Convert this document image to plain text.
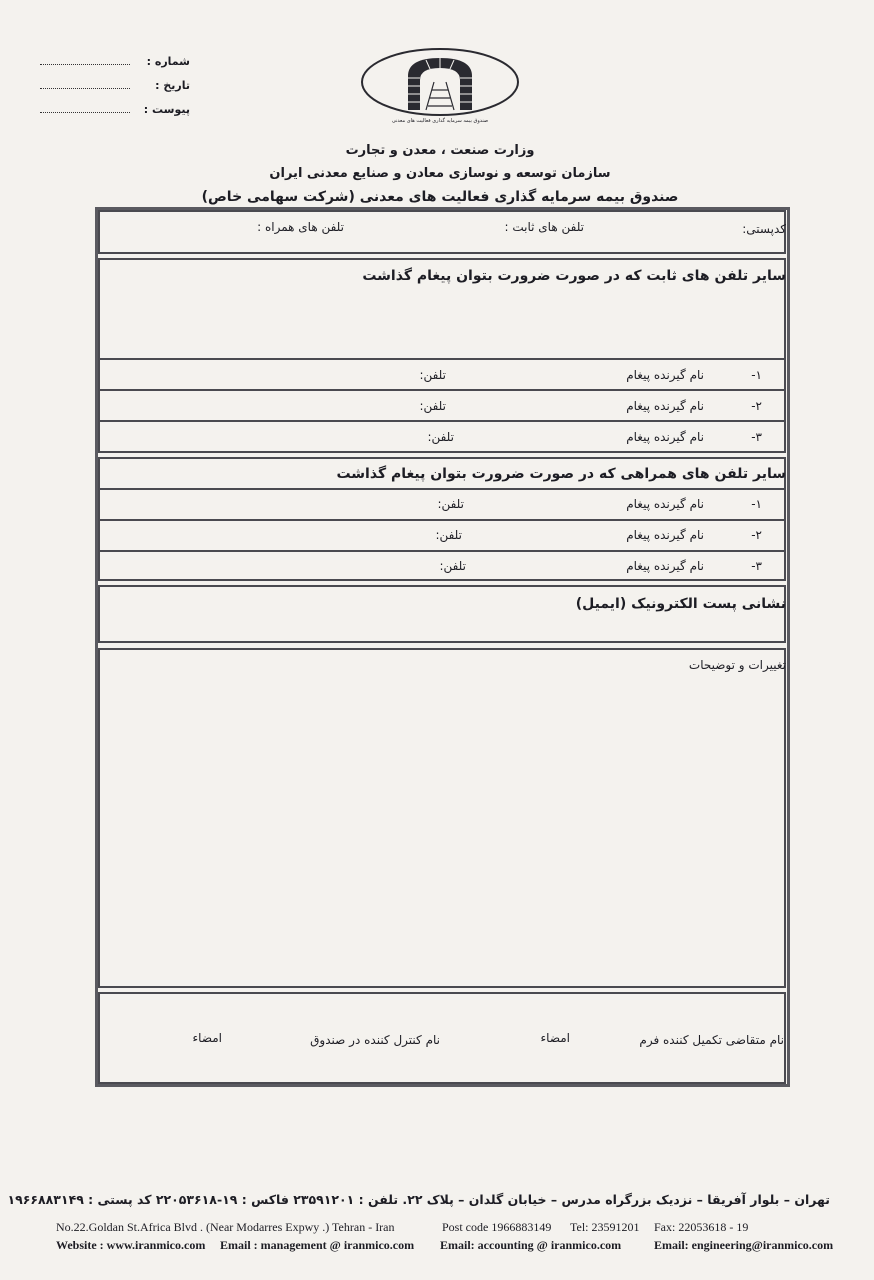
شماره :
تاریخ :
پیوست :
صندوق بیمه سرمایه گذاری فعالیت های معدنی
وزارت صنعت ، معدن و تجارت
سازمان توسعه و نوسازی معادن و صنایع معدنی ایران
صندوق بیمه سرمایه گذاری فعالیت های معدنی (شرکت سهامی خاص)
کدپستی:
تلفن های ثابت :
تلفن های همراه :
سایر تلفن های ثابت که در صورت ضرورت بتوان پیغام گذاشت
۱-
نام گیرنده پیغام
تلفن:
۲-
نام گیرنده پیغام
تلفن:
۳-
نام گیرنده پیغام
تلفن:
سایر تلفن های همراهی که در صورت ضرورت بتوان پیغام گذاشت
۱-
نام گیرنده پیغام
تلفن:
۲-
نام گیرنده پیغام
تلفن:
۳-
نام گیرنده پیغام
تلفن:
نشانی پست الکترونیک (ایمیل)
تغییرات و توضیحات
نام متقاضی تکمیل کننده فرم
امضاء
نام کنترل کننده در صندوق
امضاء
تهران – بلوار آفریقا – نزدیک بزرگراه مدرس – خیابان گلدان – پلاک ۲۲. تلفن : ۲۳۵۹۱۲۰۱ فاکس : ۱۹-۲۲۰۵۳۶۱۸ کد پستی : ۱۹۶۶۸۸۳۱۴۹
No.22.Goldan St.Africa Blvd . (Near Modarres Expwy .) Tehran - Iran	Post code 1966883149 Tel: 23591201 Fax: 22053618 - 19
Website : www.iranmico.com Email : management @ iranmico.com Email: accounting @ iranmico.com	Email: engineering@iranmico.com
